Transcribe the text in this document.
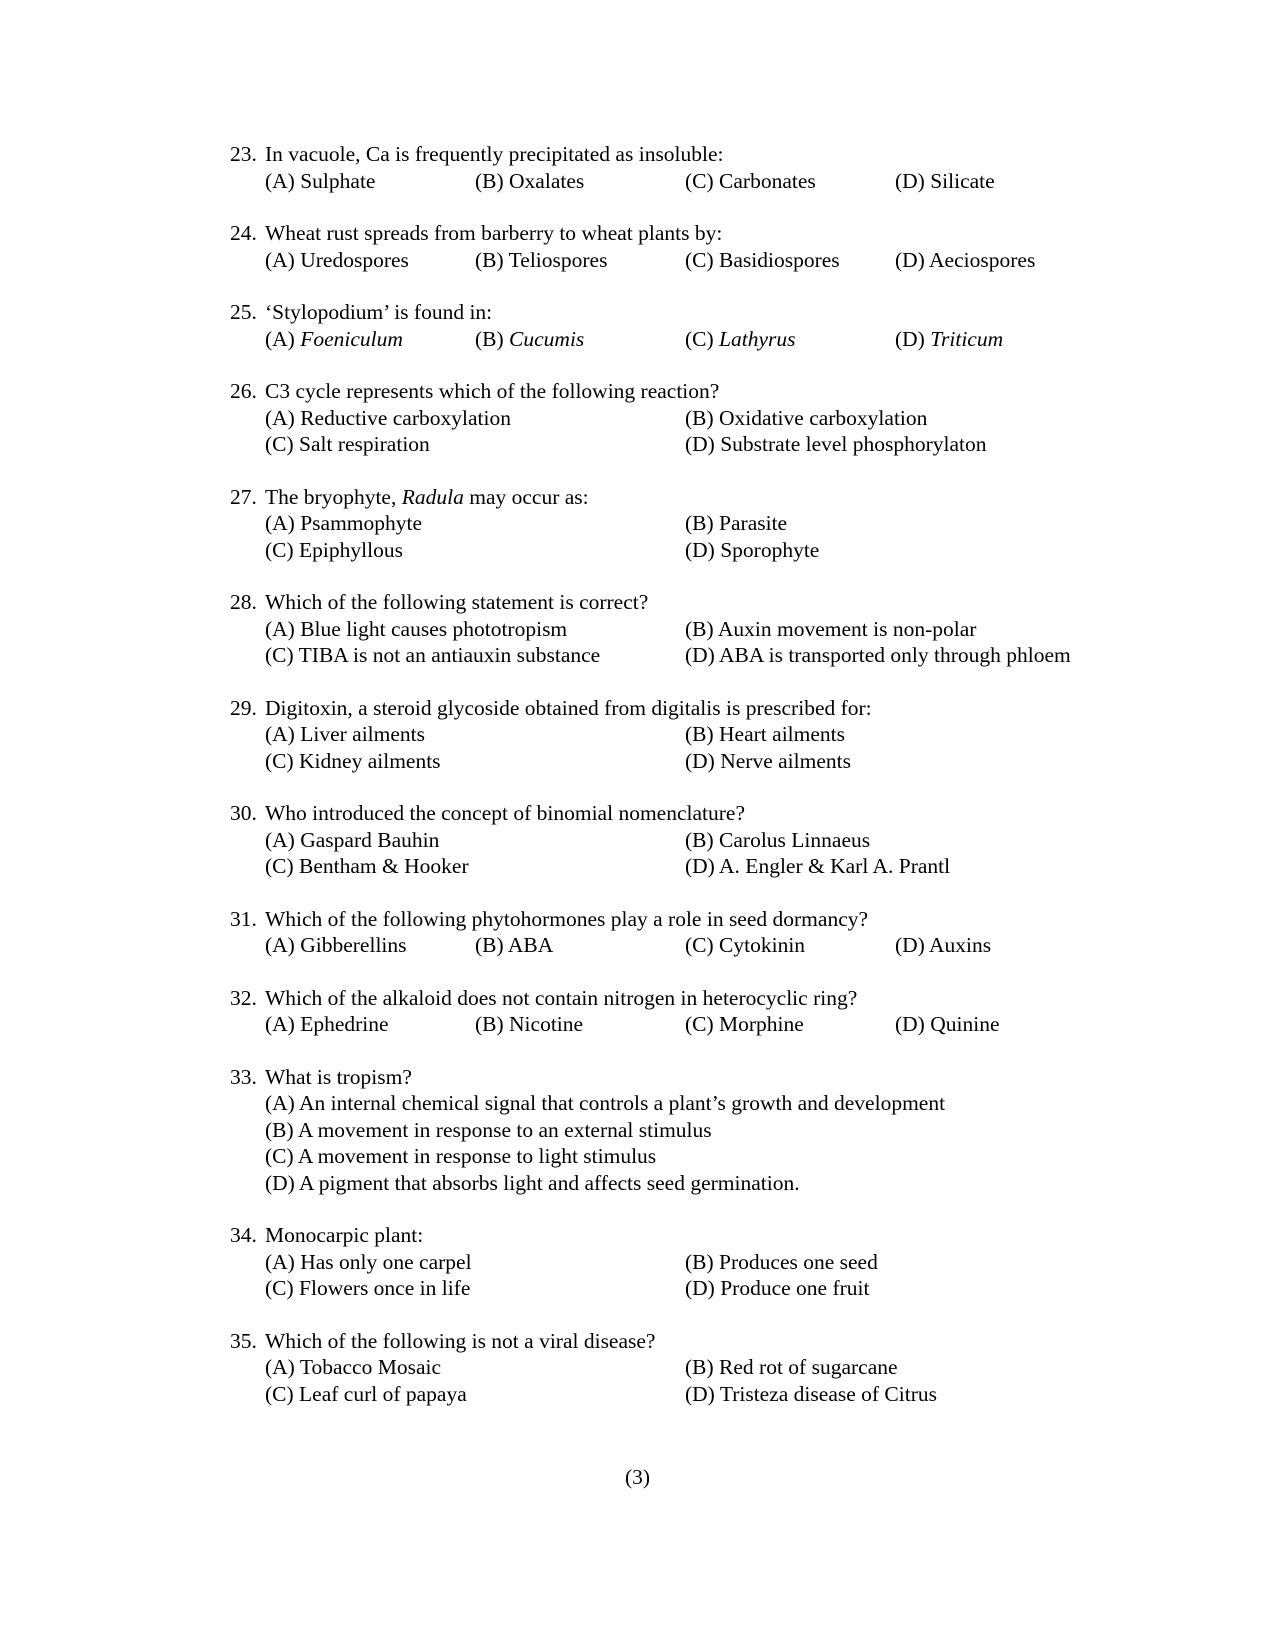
23. In vacuole, Ca is frequently precipitated as insoluble:
(A) Sulphate	(B) Oxalates	(C) Carbonates	(D) Silicate
24. Wheat rust spreads from barberry to wheat plants by:
(A) Uredospores	(B) Teliospores	(C) Basidiospores	(D) Aeciospores
25. ‘Stylopodium’ is found in:
(A) Foeniculum	(B) Cucumis	(C) Lathyrus	(D) Triticum
26. C3 cycle represents which of the following reaction?
(A) Reductive carboxylation	(B) Oxidative carboxylation
(C) Salt respiration	(D) Substrate level phosphorylaton
27. The bryophyte, Radula may occur as:
(A) Psammophyte	(B) Parasite
(C) Epiphyllous	(D) Sporophyte
28. Which of the following statement is correct?
(A) Blue light causes phototropism	(B) Auxin movement is non-polar
(C) TIBA is not an antiauxin substance	(D) ABA is transported only through phloem
29. Digitoxin, a steroid glycoside obtained from digitalis is prescribed for:
(A) Liver ailments	(B) Heart ailments
(C) Kidney ailments	(D) Nerve ailments
30. Who introduced the concept of binomial nomenclature?
(A) Gaspard Bauhin	(B) Carolus Linnaeus
(C) Bentham & Hooker	(D) A. Engler & Karl A. Prantl
31. Which of the following phytohormones play a role in seed dormancy?
(A) Gibberellins	(B) ABA	(C) Cytokinin	(D) Auxins
32. Which of the alkaloid does not contain nitrogen in heterocyclic ring?
(A) Ephedrine	(B) Nicotine	(C) Morphine	(D) Quinine
33. What is tropism?
(A) An internal chemical signal that controls a plant’s growth and development
(B) A movement in response to an external stimulus
(C) A movement in response to light stimulus
(D) A pigment that absorbs light and affects seed germination.
34. Monocarpic plant:
(A) Has only one carpel	(B) Produces one seed
(C) Flowers once in life	(D) Produce one fruit
35. Which of the following is not a viral disease?
(A) Tobacco Mosaic	(B) Red rot of sugarcane
(C) Leaf curl of papaya	(D) Tristeza disease of Citrus
(3)
